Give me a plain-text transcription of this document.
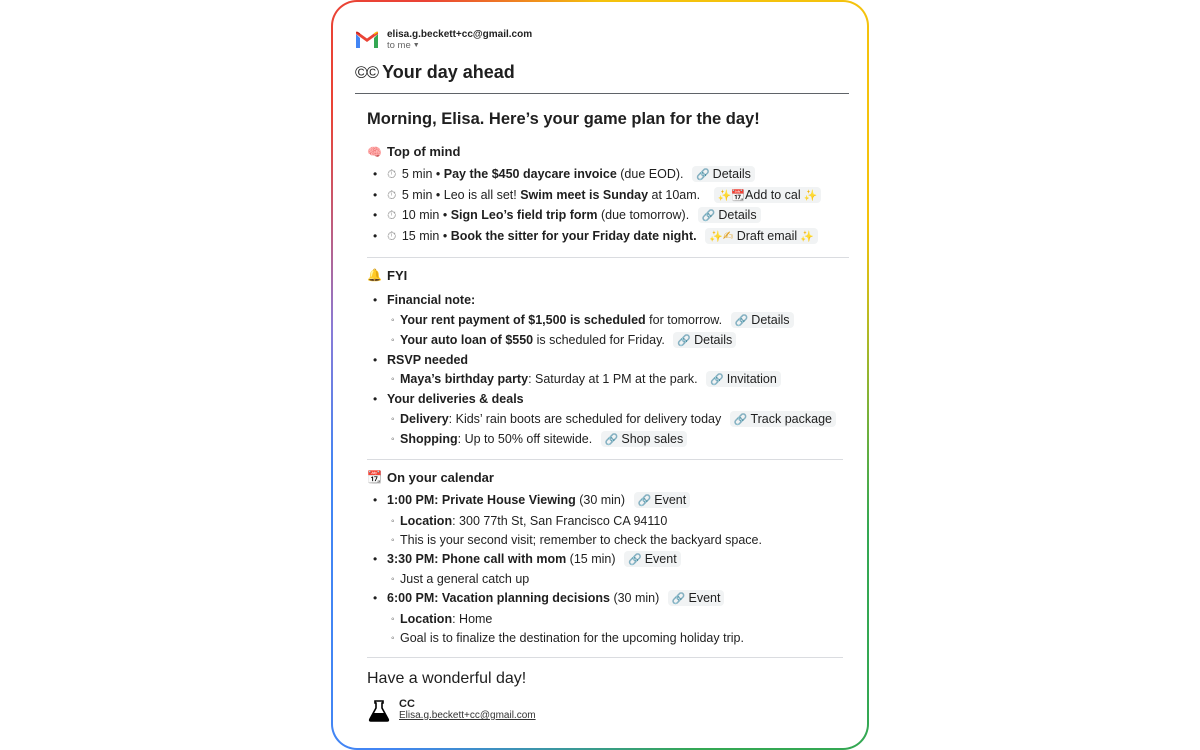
elisa.g.beckett+cc@gmail.com
to me ▼
©© Your day ahead
Morning, Elisa. Here’s your game plan for the day!
🧠 Top of mind
• ⏱ 5 min • Pay the $450 daycare invoice (due EOD). 🔗 Details
• ⏱ 5 min • Leo is all set! Swim meet is Sunday at 10am. ✨📆Add to cal ✨
• ⏱ 10 min • Sign Leo’s field trip form (due tomorrow). 🔗 Details
• ⏱ 15 min • Book the sitter for your Friday date night. ✨✍ Draft email ✨
🔔 FYI
• Financial note:
◦ Your rent payment of $1,500 is scheduled for tomorrow. 🔗 Details
◦ Your auto loan of $550 is scheduled for Friday. 🔗 Details
• RSVP needed
◦ Maya’s birthday party: Saturday at 1 PM at the park. 🔗 Invitation
• Your deliveries & deals
◦ Delivery: Kids’ rain boots are scheduled for delivery today 🔗 Track package
◦ Shopping: Up to 50% off sitewide. 🔗 Shop sales
📆 On your calendar
• 1:00 PM: Private House Viewing (30 min) 🔗 Event
◦ Location: 300 77th St, San Francisco CA 94110
◦ This is your second visit; remember to check the backyard space.
• 3:30 PM: Phone call with mom (15 min) 🔗 Event
◦ Just a general catch up
• 6:00 PM: Vacation planning decisions (30 min) 🔗 Event
◦ Location: Home
◦ Goal is to finalize the destination for the upcoming holiday trip.
Have a wonderful day!
CC
Elisa.g.beckett+cc@gmail.com
